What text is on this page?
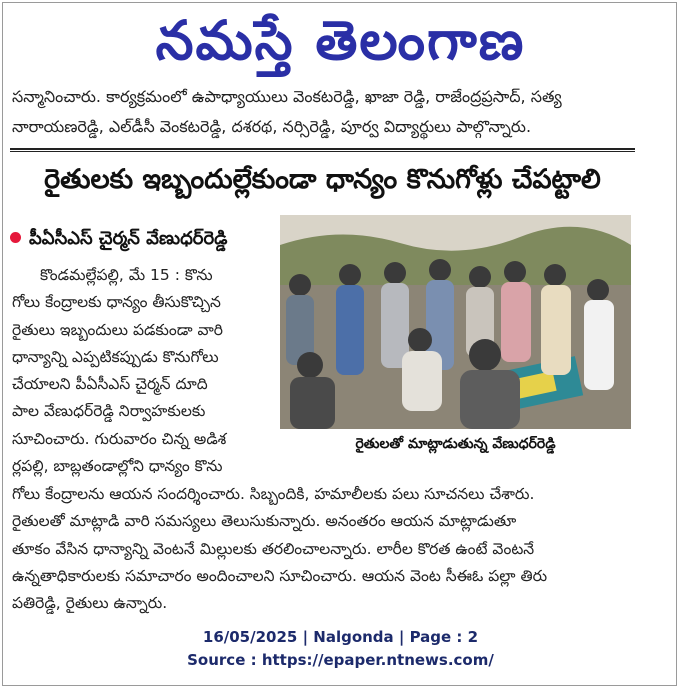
నమస్తే తెలంగాణ
సన్మానించారు. కార్యక్రమంలో ఉపాధ్యాయులు వెంకటరెడ్డి, ఖాజా రెడ్డి, రాజేంద్రప్రసాద్, సత్య
నారాయణరెడ్డి, ఎల్‌డీసీ వెంకటరెడ్డి, దశరథ, నర్సిరెడ్డి, పూర్వ విద్యార్థులు పాల్గొన్నారు.
రైతులకు ఇబ్బందుల్లేకుండా ధాన్యం కొనుగోళ్లు చేపట్టాలి
పీఏసీఎస్ చైర్మన్ వేణుధర్‌రెడ్డి
కొండమల్లేపల్లి, మే 15 : కొను
గోలు కేంద్రాలకు ధాన్యం తీసుకొచ్చిన
రైతులు ఇబ్బందులు పడకుండా వారి
ధాన్యాన్ని ఎప్పటికప్పుడు కొనుగోలు
చేయాలని పీఏసీఎస్ చైర్మన్ దూది
పాల వేణుధర్‌రెడ్డి నిర్వాహకులకు
సూచించారు. గురువారం చిన్న అడిశ
ర్లపల్లి, బాబ్లతండాల్లోని ధాన్యం కొను
రైతులతో మాట్లాడుతున్న వేణుధర్‌రెడ్డి
గోలు కేంద్రాలను ఆయన సందర్శించారు. సిబ్బందికి, హమాలీలకు పలు సూచనలు చేశారు.
రైతులతో మాట్లాడి వారి సమస్యలు తెలుసుకున్నారు. అనంతరం ఆయన మాట్లాడుతూ
తూకం వేసిన ధాన్యాన్ని వెంటనే మిల్లులకు తరలించాలన్నారు. లారీల కొరత ఉంటే వెంటనే
ఉన్నతాధికారులకు సమాచారం అందించాలని సూచించారు. ఆయన వెంట సీఈఓ పల్లా తిరు
పతిరెడ్డి, రైతులు ఉన్నారు.
16/05/2025 | Nalgonda | Page : 2
Source : https://epaper.ntnews.com/
